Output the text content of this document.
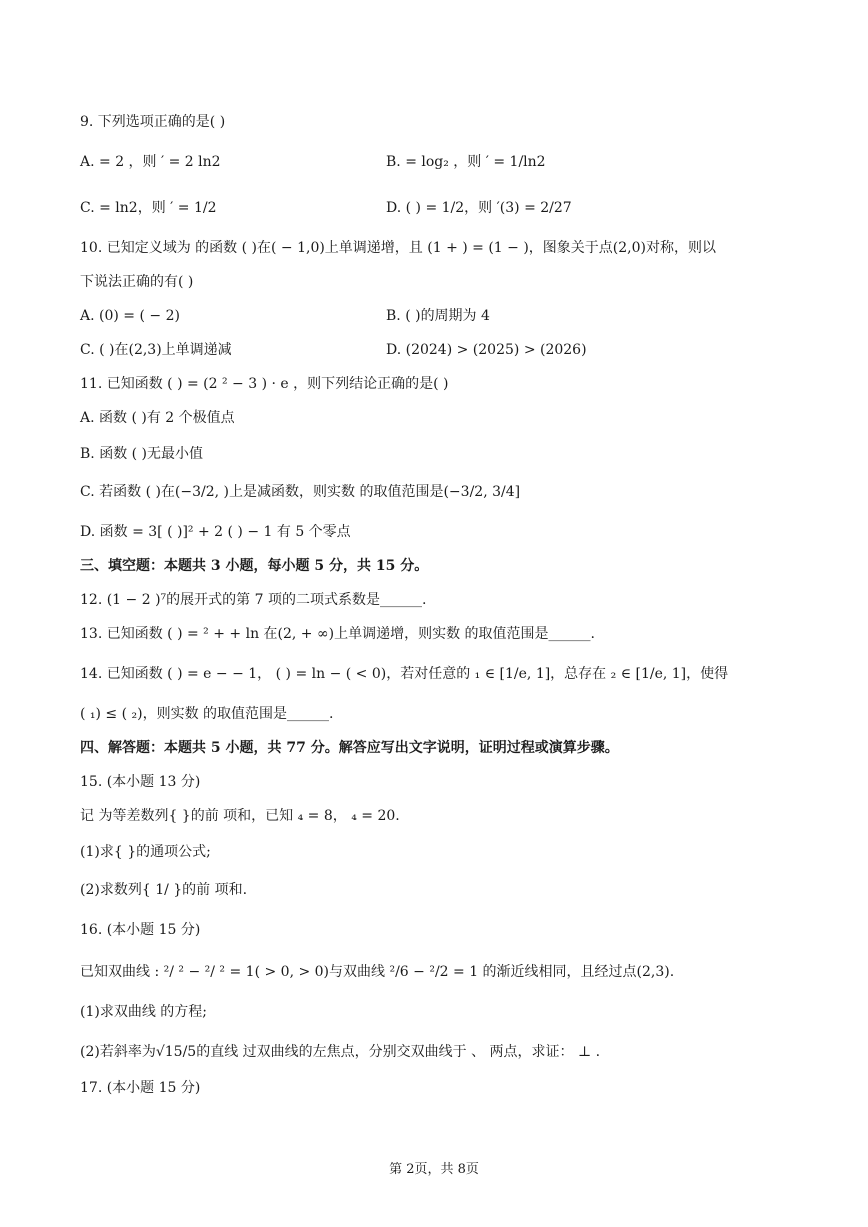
9. 下列选项正确的是( )
A. = 2 ，则 ′ = 2 ln2	B. = log₂ ，则 ′ = 1/ln2
C. = ln2，则 ′ = 1/2	D. ( ) = 1/2，则 ′(3) = 2/27
10. 已知定义域为 的函数 ( )在( − 1,0)上单调递增，且 (1 + ) = (1 − )，图象关于点(2,0)对称，则以
下说法正确的有( )
A. (0) = ( − 2)	B. ( )的周期为 4
C. ( )在(2,3)上单调递减	D. (2024) > (2025) > (2026)
11. 已知函数 ( ) = (2 ² − 3 ) · e ，则下列结论正确的是( )
A. 函数 ( )有 2 个极值点
B. 函数 ( )无最小值
C. 若函数 ( )在(−3/2, )上是减函数，则实数 的取值范围是(−3/2, 3/4]
D. 函数 = 3[ ( )]² + 2 ( ) − 1 有 5 个零点
三、填空题：本题共 3 小题，每小题 5 分，共 15 分。
12. (1 − 2 )⁷的展开式的第 7 项的二项式系数是______.
13. 已知函数 ( ) = ² + + ln 在(2, + ∞)上单调递增，则实数 的取值范围是______.
14. 已知函数 ( ) = e − − 1， ( ) = ln − ( < 0)，若对任意的 ₁ ∈ [1/e, 1]，总存在 ₂ ∈ [1/e, 1]，使得
( ₁) ≤ ( ₂)，则实数 的取值范围是______.
四、解答题：本题共 5 小题，共 77 分。解答应写出文字说明，证明过程或演算步骤。
15. (本小题 13 分)
记 为等差数列{ }的前 项和，已知 ₄ = 8， ₄ = 20.
(1)求{ }的通项公式;
(2)求数列{ 1/ }的前 项和.
16. (本小题 15 分)
已知双曲线 : ²/ ² − ²/ ² = 1( > 0, > 0)与双曲线 ²/6 − ²/2 = 1 的渐近线相同，且经过点(2,3).
(1)求双曲线 的方程;
(2)若斜率为√15/5的直线 过双曲线的左焦点，分别交双曲线于 、 两点，求证： ⊥ .
17. (本小题 15 分)
第 2页，共 8页
